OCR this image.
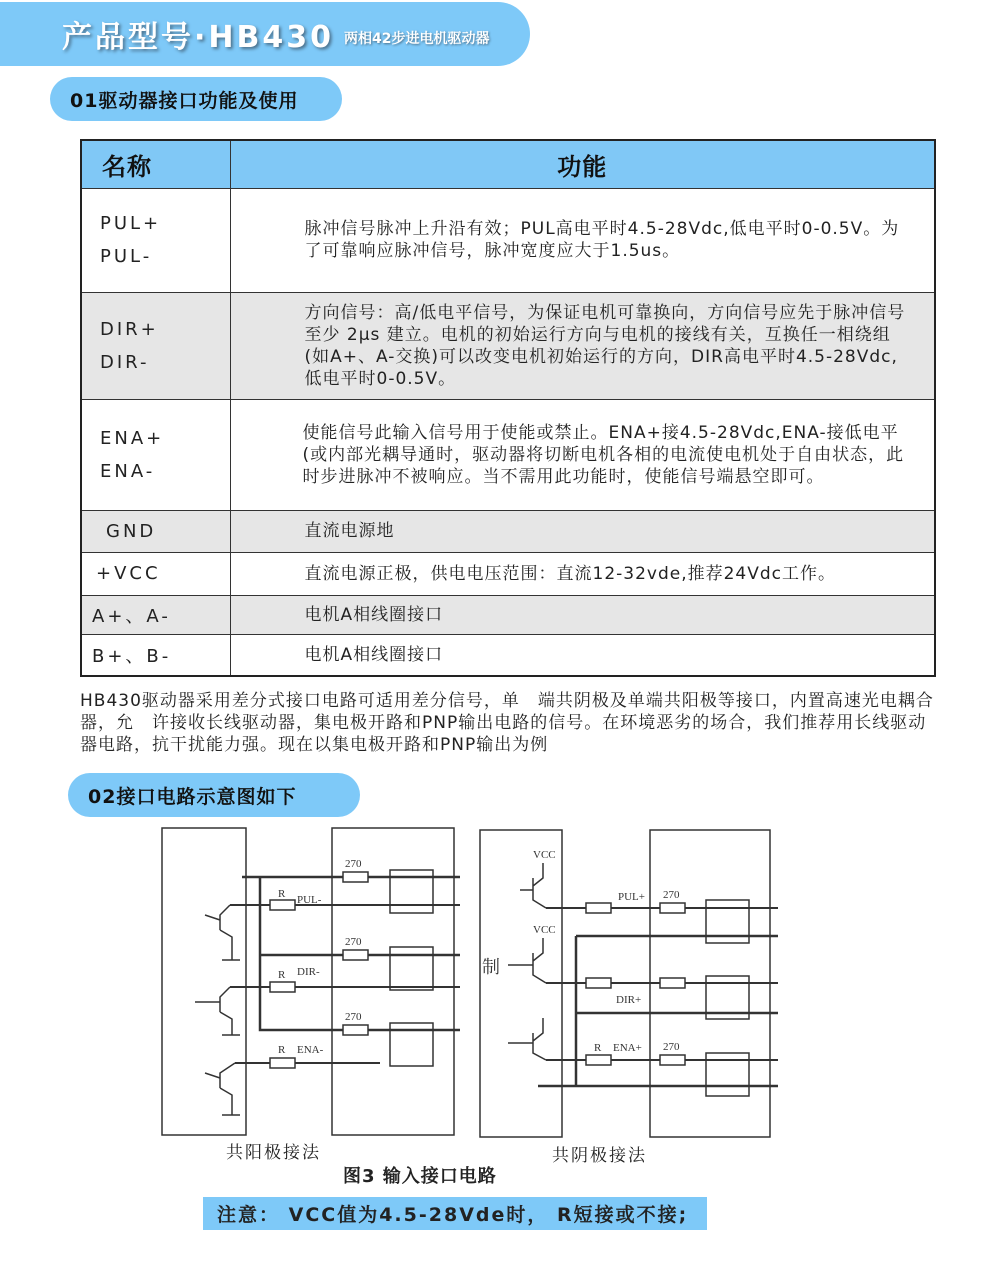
产品型号·HB430 两相42步进电机驱动器
01驱动器接口功能及使用
名称	功能

PUL+
PUL-	脉冲信号脉冲上升沿有效；PUL高电平时4.5-28Vdc,低电平时0-0.5V。为了可靠响应脉冲信号，脉冲宽度应大于1.5us。

DIR+
DIR-	方向信号：高/低电平信号，为保证电机可靠换向，方向信号应先于脉冲信号至少 2μs 建立。电机的初始运行方向与电机的接线有关，互换任一相绕组(如A+、A-交换)可以改变电机初始运行的方向，DIR高电平时4.5-28Vdc,低电平时0-0.5V。

ENA+
ENA-	使能信号此输入信号用于使能或禁止。ENA+接4.5-28Vdc,ENA-接低电平(或内部光耦导通时，驱动器将切断电机各相的电流使电机处于自由状态，此时步进脉冲不被响应。当不需用此功能时，使能信号端悬空即可。
GND	直流电源地
+VCC	直流电源正极，供电电压范围：直流12-32vde,推荐24Vdc工作。
A+、A-	电机A相线圈接口
B+、B-	电机A相线圈接口
HB430驱动器采用差分式接口电路可适用差分信号，单　端共阴极及单端共阳极等接口，内置高速光电耦合器，允　许接收长线驱动器，集电极开路和PNP输出电路的信号。在环境恶劣的场合，我们推荐用长线驱动器电路，抗干扰能力强。现在以集电极开路和PNP输出为例
02接口电路示意图如下
270
270
270
R
R
R
PUL-
DIR-
ENA-
VCC
VCC
制
PUL+ 270
DIR+
R ENA+ 270
共阳极接法	共阴极接法
图3 输入接口电路
注意： VCC值为4.5-28Vde时， R短接或不接;
